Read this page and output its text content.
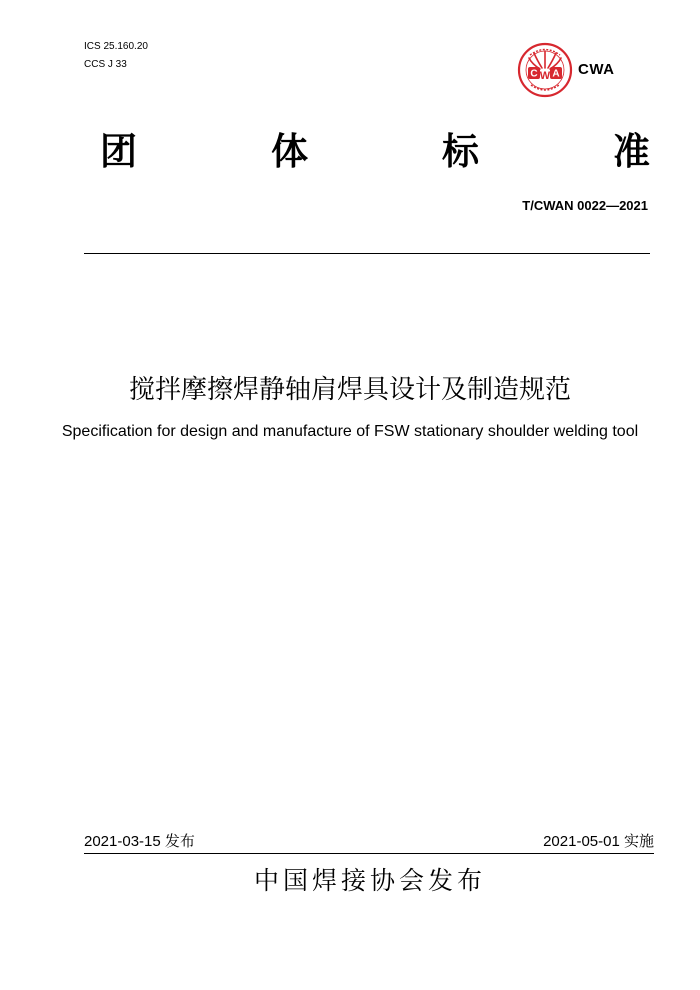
ICS 25.160.20
CCS J 33
C W A CWA
团	体	标	准
T/CWAN 0022—2021
搅拌摩擦焊静轴肩焊具设计及制造规范
Specification for design and manufacture of FSW stationary shoulder welding tool
2021-03-15 发布	2021-05-01 实施
中国焊接协会发布
